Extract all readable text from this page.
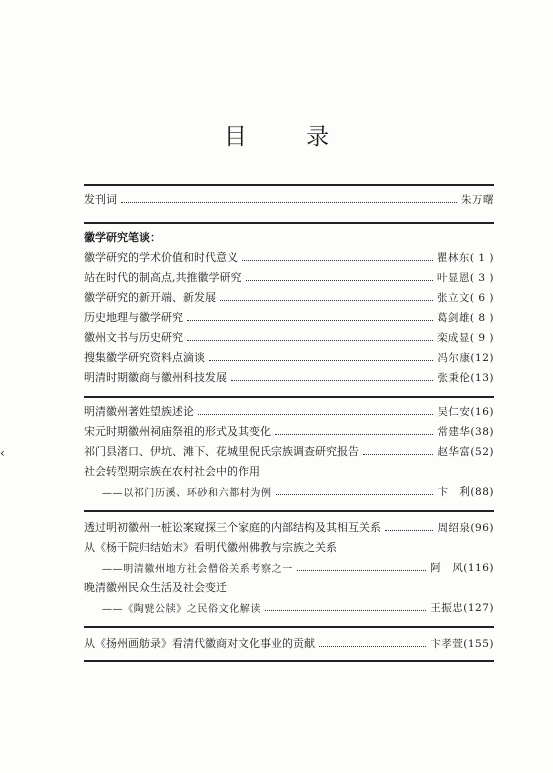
目 录
发刊词	朱万曙
徽学研究笔谈：
徽学研究的学术价值和时代意义	瞿林东( 1 )
站在时代的制高点,共推徽学研究	叶显恩( 3 )
徽学研究的新开端、新发展	张立文( 6 )
历史地理与徽学研究	葛剑雄( 8 )
徽州文书与历史研究	栾成显( 9 )
搜集徽学研究资料点滴谈	冯尔康(12)
明清时期徽商与徽州科技发展	张秉伦(13)
明清徽州著姓望族述论	吴仁安(16)
宋元时期徽州祠庙祭祖的形式及其变化	常建华(38)
祁门县渚口、伊坑、滩下、花城里倪氏宗族调查研究报告	赵华富(52)
社会转型期宗族在农村社会中的作用
——以祁门历溪、环砂和六都村为例	卞　利(88)
透过明初徽州一桩讼案窥探三个家庭的内部结构及其相互关系	周绍泉(96)
从《杨干院归结始末》看明代徽州佛教与宗族之关系
——明清徽州地方社会僧俗关系考察之一	阿　风(116)
晚清徽州民众生活及社会变迁
——《陶甓公牍》之民俗文化解读	王振忠(127)
从《扬州画舫录》看清代徽商对文化事业的贡献	卞孝萱(155)
‹
